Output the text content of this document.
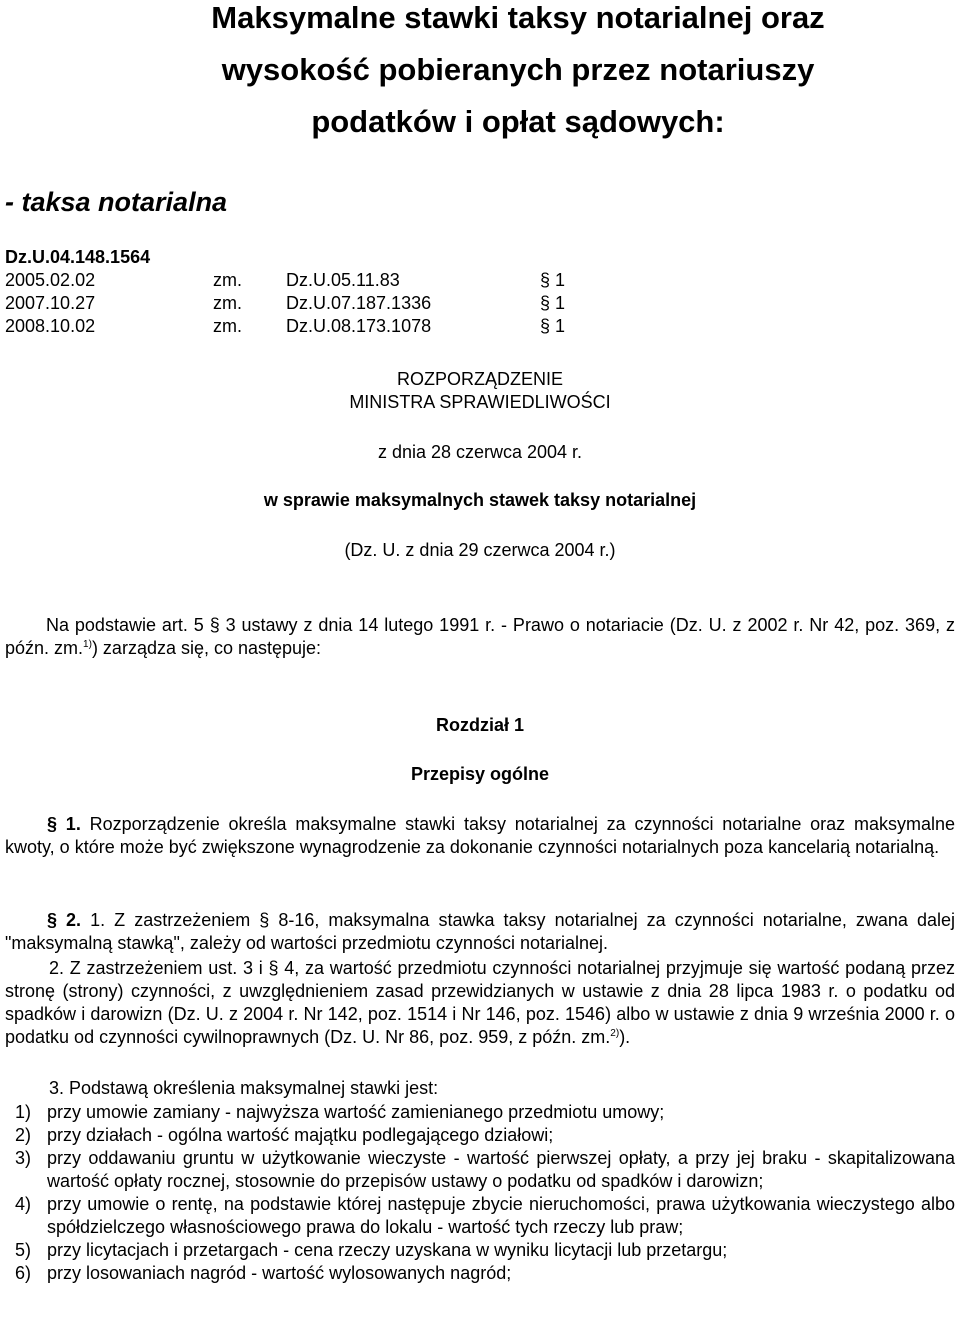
Maksymalne stawki taksy notarialnej oraz
wysokość pobieranych przez notariuszy
podatków i opłat sądowych:
- taksa notarialna
Dz.U.04.148.1564
2005.02.02	zm. Dz.U.05.11.83	§ 1
2007.10.27	zm. Dz.U.07.187.1336	§ 1
2008.10.02	zm. Dz.U.08.173.1078	§ 1
ROZPORZĄDZENIE
MINISTRA SPRAWIEDLIWOŚCI
z dnia 28 czerwca 2004 r.
w sprawie maksymalnych stawek taksy notarialnej
(Dz. U. z dnia 29 czerwca 2004 r.)
Na podstawie art. 5 § 3 ustawy z dnia 14 lutego 1991 r. - Prawo o notariacie (Dz. U. z 2002 r. Nr 42, poz. 369, z późn. zm.$^{1)}$) zarządza się, co następuje:
Rozdział 1
Przepisy ogólne
§ 1. Rozporządzenie określa maksymalne stawki taksy notarialnej za czynności notarialne oraz maksymalne kwoty, o które może być zwiększone wynagrodzenie za dokonanie czynności notarialnych poza kancelarią notarialną.
§ 2. 1. Z zastrzeżeniem § 8-16, maksymalna stawka taksy notarialnej za czynności notarialne, zwana dalej "maksymalną stawką", zależy od wartości przedmiotu czynności notarialnej.
2. Z zastrzeżeniem ust. 3 i § 4, za wartość przedmiotu czynności notarialnej przyjmuje się wartość podaną przez stronę (strony) czynności, z uwzględnieniem zasad przewidzianych w ustawie z dnia 28 lipca 1983 r. o podatku od spadków i darowizn (Dz. U. z 2004 r. Nr 142, poz. 1514 i Nr 146, poz. 1546) albo w ustawie z dnia 9 września 2000 r. o podatku od czynności cywilnoprawnych (Dz. U. Nr 86, poz. 959, z późn. zm.$^{2)}$).
3. Podstawą określenia maksymalnej stawki jest:
1) przy umowie zamiany - najwyższa wartość zamienianego przedmiotu umowy;
2) przy działach - ogólna wartość majątku podlegającego działowi;
3) przy oddawaniu gruntu w użytkowanie wieczyste - wartość pierwszej opłaty, a przy jej braku - skapitalizowana wartość opłaty rocznej, stosownie do przepisów ustawy o podatku od spadków i darowizn;
4) przy umowie o rentę, na podstawie której następuje zbycie nieruchomości, prawa użytkowania wieczystego albo spółdzielczego własnościowego prawa do lokalu - wartość tych rzeczy lub praw;
5) przy licytacjach i przetargach - cena rzeczy uzyskana w wyniku licytacji lub przetargu;
6) przy losowaniach nagród - wartość wylosowanych nagród;
